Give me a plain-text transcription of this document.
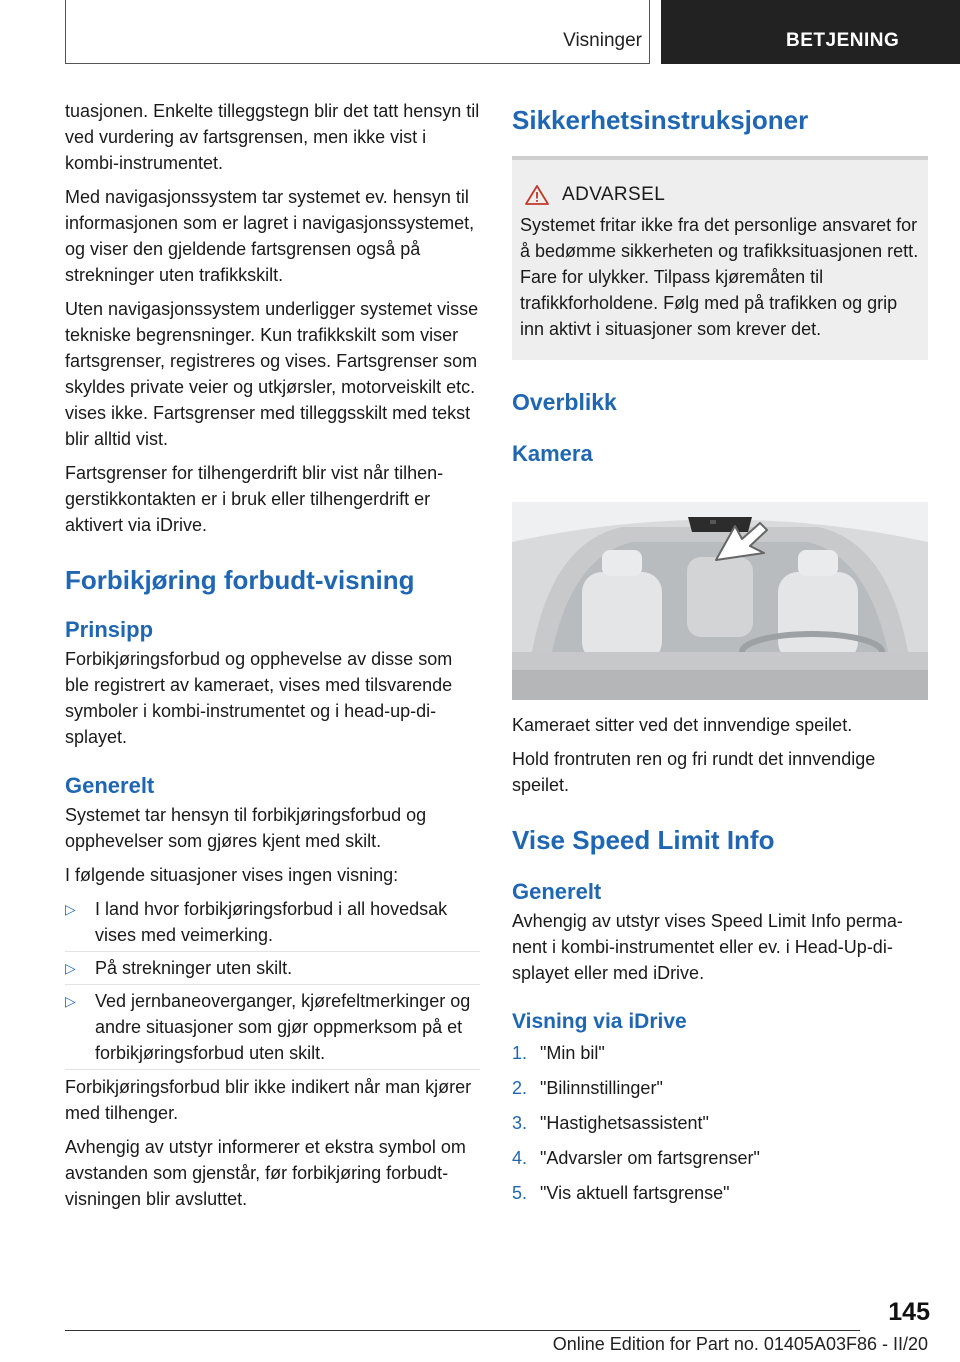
Visninger	BETJENING

tuasjonen. Enkelte tilleggstegn blir det tatt hensyn til ved vurdering av fartsgrensen, men ikke vist i kombi-instrumentet.

Med navigasjonssystem tar systemet ev. hensyn til informasjonen som er lagret i navigasjonssystemet, og viser den gjeldende fartsgrensen også på strekninger uten trafikkskilt.

Uten navigasjonssystem underligger systemet visse tekniske begrensninger. Kun trafikkskilt som viser fartsgrenser, registreres og vises. Fartsgrenser som skyldes private veier og utkjørsler, motorveiskilt etc. vises ikke. Fartsgrenser med tilleggsskilt med tekst blir alltid vist.

Fartsgrenser for tilhengerdrift blir vist når tilhengerstikkontakten er i bruk eller tilhengerdrift er aktivert via iDrive.

Forbikjøring forbudt-visning
Prinsipp

Forbikjøringsforbud og opphevelse av disse som ble registrert av kameraet, vises med tilsvarende symboler i kombi-instrumentet og i head-up-displayet.

Generelt

Systemet tar hensyn til forbikjøringsforbud og opphevelser som gjøres kjent med skilt.

I følgende situasjoner vises ingen visning:

▷ I land hvor forbikjøringsforbud i all hovedsak vises med veimerking.
▷ På strekninger uten skilt.
▷ Ved jernbaneoverganger, kjørefeltmerkinger og andre situasjoner som gjør oppmerksom på et forbikjøringsforbud uten skilt.

Forbikjøringsforbud blir ikke indikert når man kjører med tilhenger.

Avhengig av utstyr informerer et ekstra symbol om avstanden som gjenstår, før forbikjøring forbudt-visningen blir avsluttet.

Sikkerhetsinstruksjoner
ADVARSEL
Systemet fritar ikke fra det personlige ansvaret for å bedømme sikkerheten og trafikksituasjonen rett. Fare for ulykker. Tilpass kjøremåten til trafikkforholdene. Følg med på trafikken og grip inn aktivt i situasjoner som krever det.
Overblikk
Kamera

Kameraet sitter ved det innvendige speilet.

Hold frontruten ren og fri rundt det innvendige speilet.

Vise Speed Limit Info
Generelt

Avhengig av utstyr vises Speed Limit Info permanent i kombi-instrumentet eller ev. i Head-Up-displayet eller med iDrive.

Visning via iDrive
1. "Min bil"
2. "Bilinnstillinger"
3. "Hastighetsassistent"
4. "Advarsler om fartsgrenser"
5. "Vis aktuell fartsgrense"
145
Online Edition for Part no. 01405A03F86 - II/20
